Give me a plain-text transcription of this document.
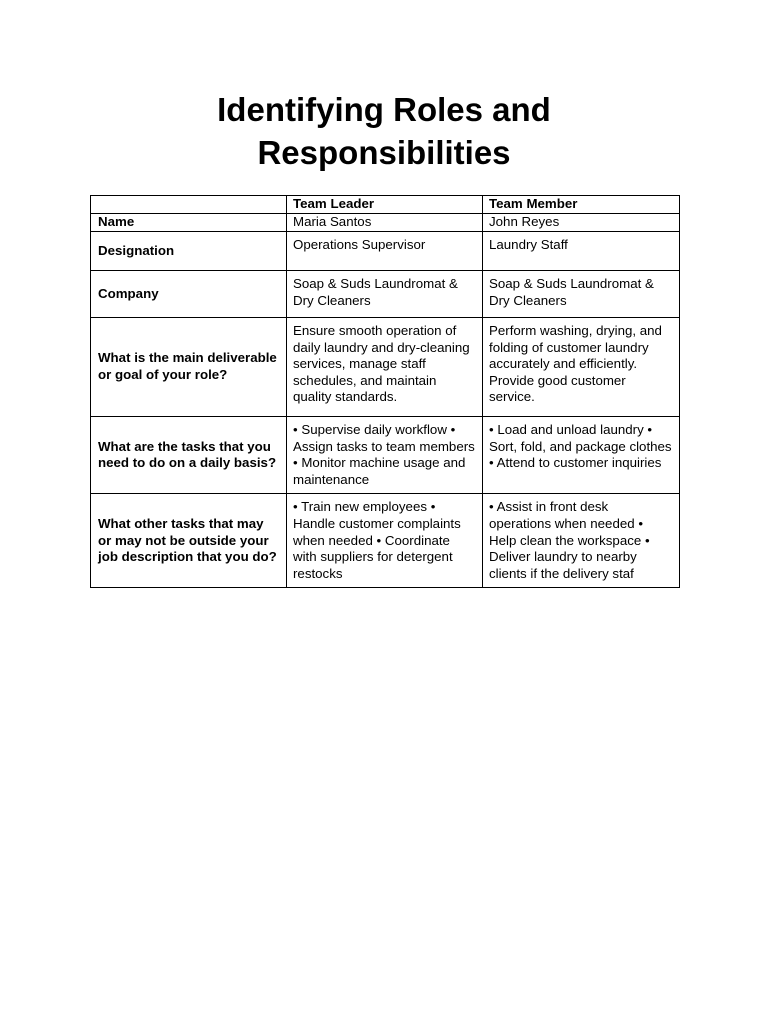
Identifying Roles and
Responsibilities
	Team Leader	Team Member
Name	Maria Santos	John Reyes
Designation	Operations Supervisor	Laundry Staff
Company	Soap & Suds Laundromat & Dry Cleaners	Soap & Suds Laundromat & Dry Cleaners
What is the main deliverable or goal of your role?	Ensure smooth operation of daily laundry and dry-cleaning services, manage staff schedules, and maintain quality standards.	Perform washing, drying, and folding of customer laundry accurately and efficiently. Provide good customer service.
What are the tasks that you need to do on a daily basis?	• Supervise daily workflow • Assign tasks to team members • Monitor machine usage and maintenance	• Load and unload laundry • Sort, fold, and package clothes • Attend to customer inquiries
What other tasks that may or may not be outside your job description that you do?	• Train new employees • Handle customer complaints when needed • Coordinate with suppliers for detergent restocks	• Assist in front desk operations when needed • Help clean the workspace • Deliver laundry to nearby clients if the delivery staf
